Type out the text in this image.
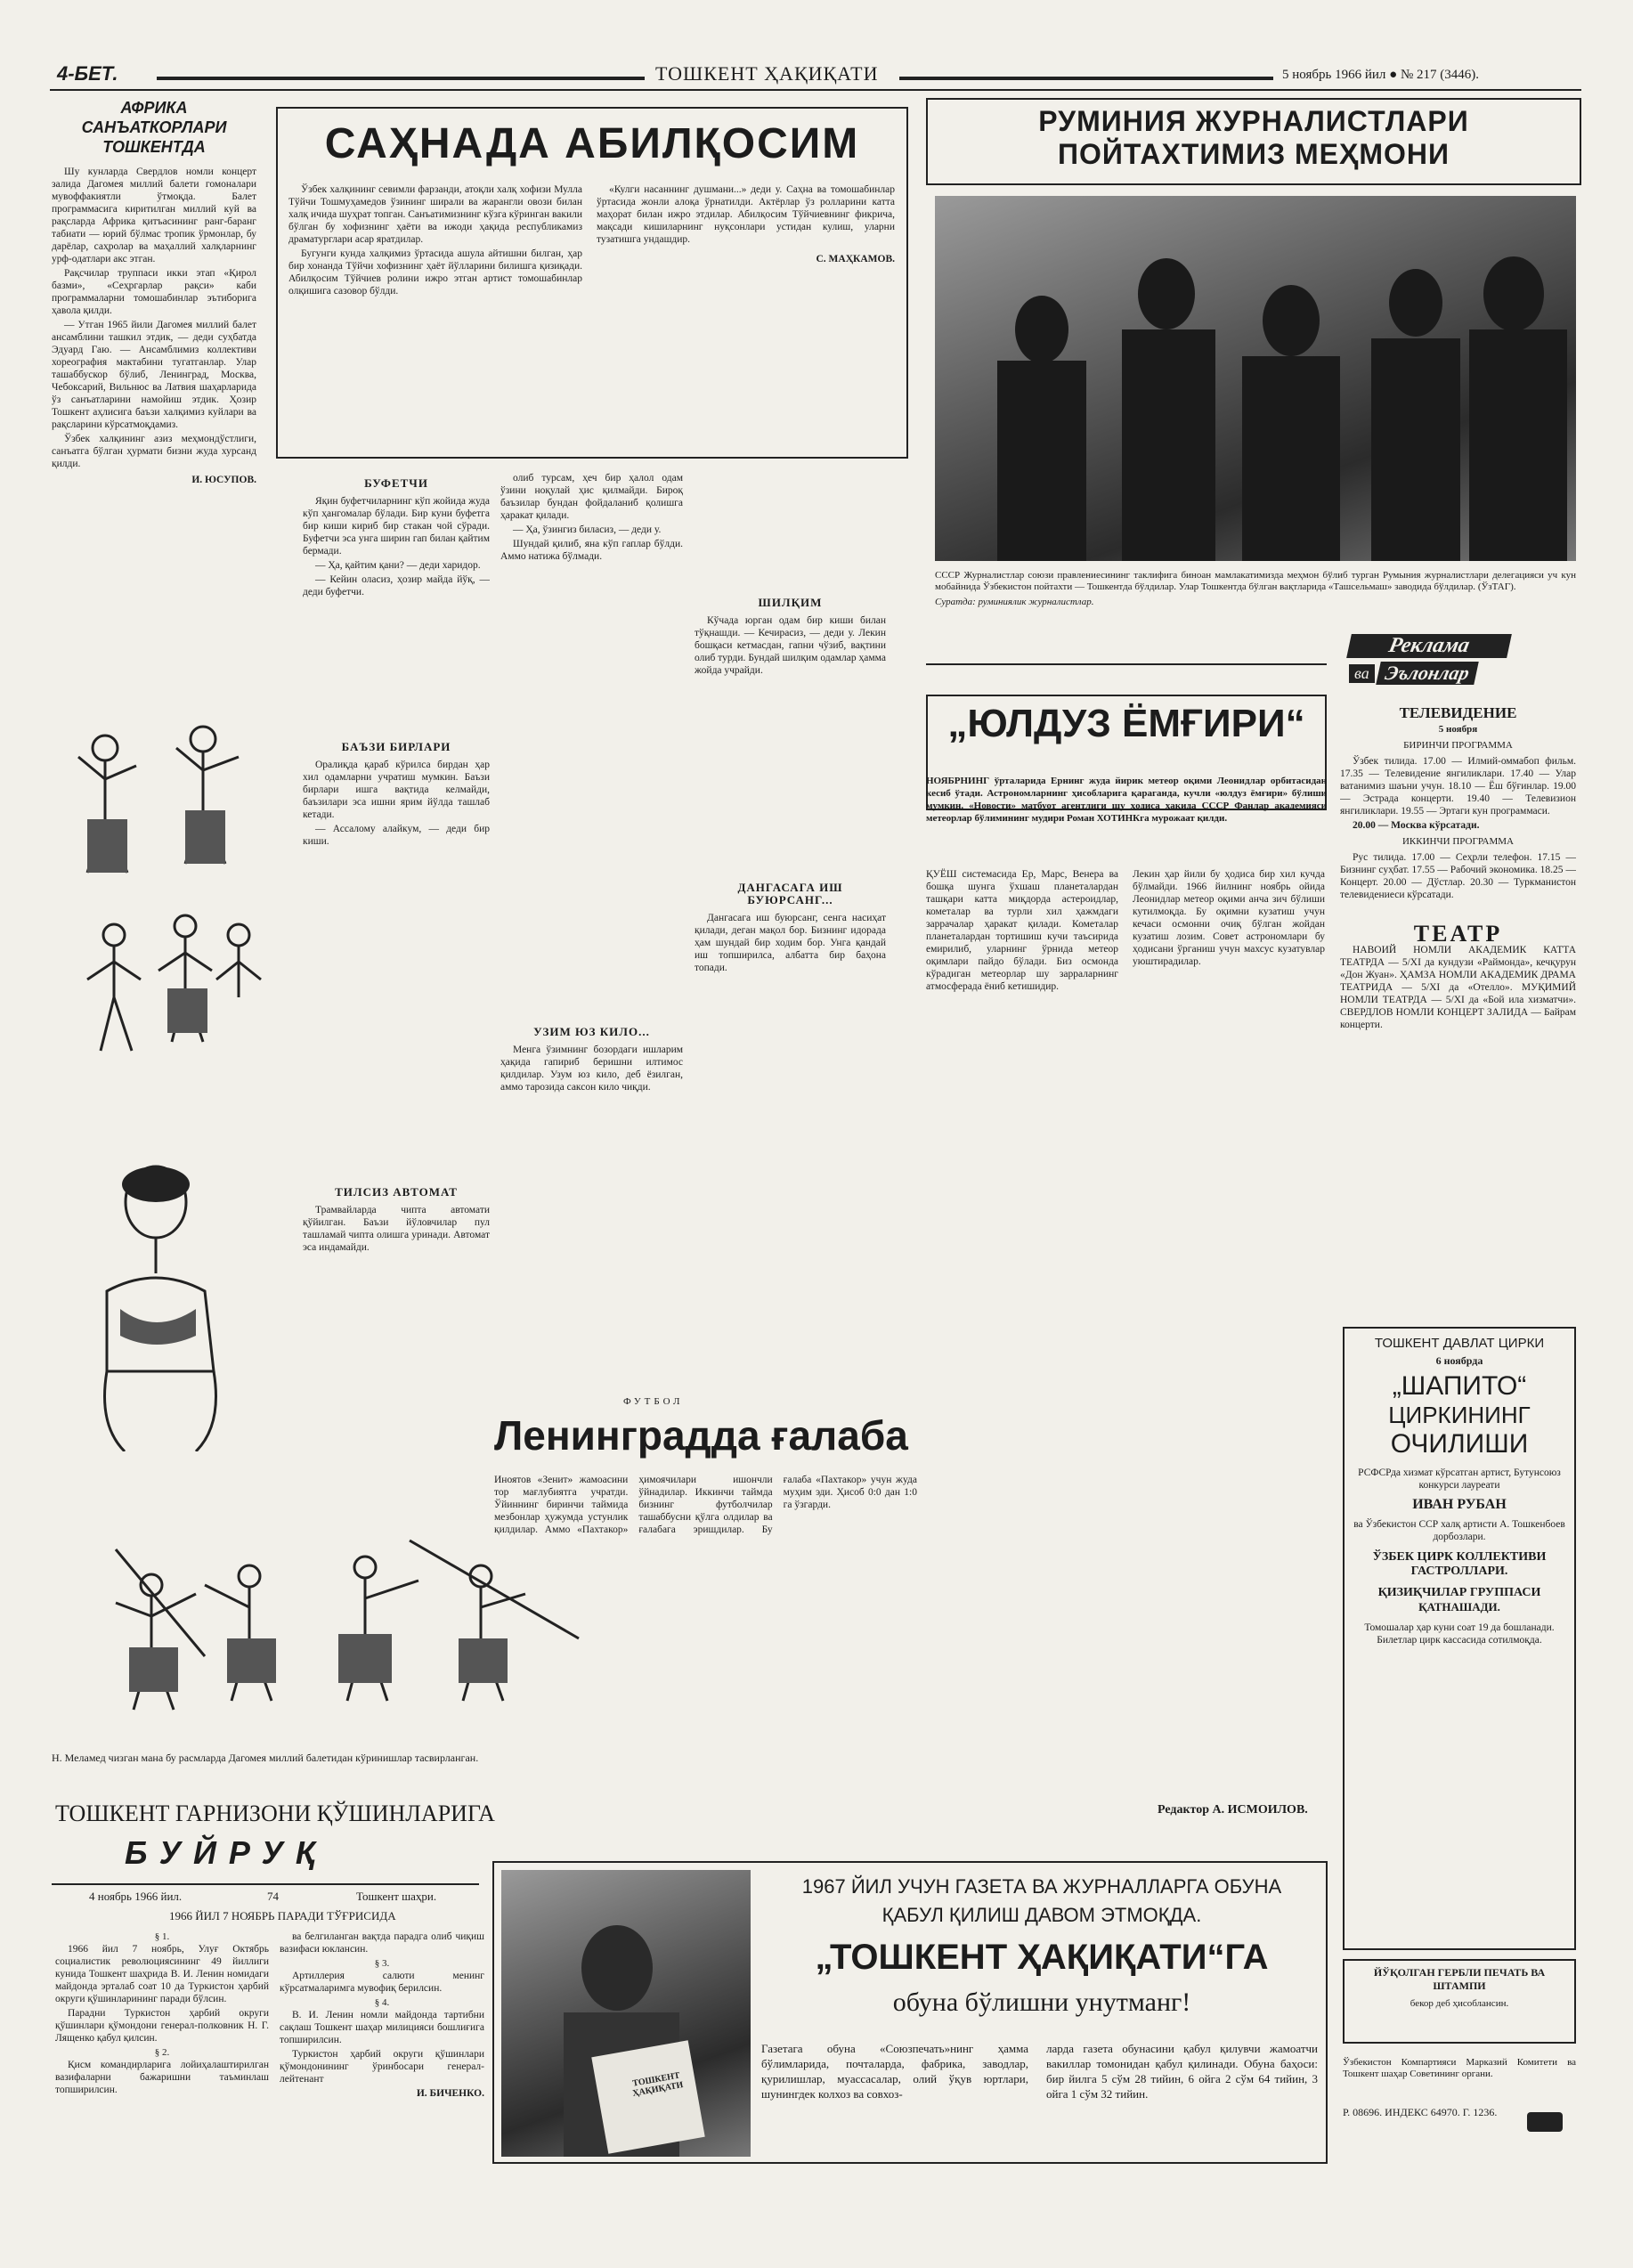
4-БЕТ.	ТОШКЕНТ ҲАҚИҚАТИ	5 ноябрь 1966 йил ● № 217 (3446).
АФРИКА САНЪАТКОРЛАРИ ТОШКЕНТДА

Шу кунларда Свердлов номли концерт залида Дагомея миллий балети гомоналари мувоффакиятли ўтмоқда. Балет программасига киритилган миллий куй ва рақсларда Африка қитъасининг ранг-баранг табиати — юрий бўлмас тропик ўрмонлар, бу дарёлар, саҳролар ва маҳаллий халқларнинг урф-одатлари акс этган.

Рақсчилар труппаси икки этап «Қирол базми», «Сеҳргарлар рақси» каби программаларни томошабинлар эътиборига ҳавола қилди.

— Утган 1965 йили Дагомея миллий балет ансамблини ташкил этдик, — деди суҳбатда Эдуард Гаю. — Ансамблимиз коллективи хореография мактабини тугатганлар. Улар ташаббускор бўлиб, Ленинград, Москва, Чебоксарий, Вильнюс ва Латвия шаҳарларида ўз санъатларини намойиш этдик. Ҳозир Тошкент аҳлисига баъзи халқимиз куйлари ва рақсларини кўрсатмоқдамиз.

Ўзбек халқининг азиз меҳмондўстлиги, санъатга бўлган ҳурмати бизни жуда хурсанд қилди.

И. ЮСУПОВ.
Н. Меламед чизган мана бу расмларда Дагомея миллий балетидан кўринишлар тасвирланган.
САҲНАДА АБИЛҚОСИМ

Ўзбек халқининг севимли фарзанди, атоқли халқ хофизи Мулла Тўйчи Тошмуҳамедов ўзининг ширали ва жарангли овози билан халқ ичида шуҳрат топган. Санъатимизнинг кўзга кўринган вакили бўлган бу хофизнинг ҳаёти ва ижоди ҳақида республикамиз драматурглари асар яратдилар.

Бугунги кунда халқимиз ўртасида ашула айтишни билган, ҳар бир хонанда Тўйчи хофизнинг ҳаёт йўлларини билишга қизиқади. Абилқосим Тўйчиев ролини ижро этган артист томошабинлар олқишига сазовор бўлди.

«Кулги насаннинг душмани...» деди у. Саҳна ва томошабинлар ўртасида жонли алоқа ўрнатилди. Актёрлар ўз ролларини катта маҳорат билан ижро этдилар. Абилқосим Тўйчиевнинг фикрича, мақсади кишиларнинг нуқсонлари устидан кулиш, уларни тузатишга ундашдир.

С. МАҲКАМОВ.
БУФЕТЧИ

Яқин буфетчиларнинг кўп жойида жуда кўп ҳангомалар бўлади. Бир куни буфетга бир киши кириб бир стакан чой сўради. Буфетчи эса унга ширин гап билан қайтим бермади.

— Ҳа, қайтим қани? — деди харидор.

— Кейин оласиз, ҳозир майда йўқ, — деди буфетчи.

БАЪЗИ БИРЛАРИ

Оралиқда қараб кўрилса бирдан ҳар хил одамларни учратиш мумкин. Баъзи бирлари ишга вақтида келмайди, баъзилари эса ишни ярим йўлда ташлаб кетади.

— Ассалому алайкум, — деди бир киши.

ТИЛСИЗ АВТОМАТ

Трамвайларда чипта автомати қўйилган. Баъзи йўловчилар пул ташламай чипта олишга уринади. Автомат эса индамайди.

олиб турсам, ҳеч бир ҳалол одам ўзини ноқулай ҳис қилмайди. Бироқ баъзилар бундан фойдаланиб қолишга ҳаракат қилади.

— Ҳа, ўзингиз биласиз, — деди у.

Шундай қилиб, яна кўп гаплар бўлди. Аммо натижа бўлмади.

УЗИМ ЮЗ КИЛО...

Менга ўзимнинг бозордаги ишларим ҳақида гапириб беришни илтимос қилдилар. Узум юз кило, деб ёзилган, аммо тарозида саксон кило чиқди.

ШИЛҚИМ

Кўчада юрган одам бир киши билан тўқнашди. — Кечирасиз, — деди у. Лекин бошқаси кетмасдан, гапни чўзиб, вақтини олиб турди. Бундай шилқим одамлар ҳамма жойда учрайди.

ДАНГАСАГА ИШ БУЮРСАНГ...

Дангасага иш буюрсанг, сенга насиҳат қилади, деган мақол бор. Бизнинг идорада ҳам шундай бир ходим бор. Унга қандай иш топширилса, албатта бир баҳона топади.

ФУТБОЛ
Ленинградда ғалаба
Иноятов «Зенит» жамоасини тор мағлубиятга учратди. Ўйиннинг биринчи таймида мезбонлар ҳужумда устунлик қилдилар. Аммо «Пахтакор» ҳимоячилари ишончли ўйнадилар. Иккинчи таймда бизнинг футболчилар ташаббусни қўлга олдилар ва ғалабага эришдилар. Бу ғалаба «Пахтакор» учун жуда муҳим эди. Ҳисоб 0:0 дан 1:0 га ўзгарди.
РУМИНИЯ ЖУРНАЛИСТЛАРИ
ПОЙТАХТИМИЗ МЕҲМОНИ
СССР Журналистлар союзи правлениесининг таклифига биноан мамлакатимизда меҳмон бўлиб турган Румыния журналистлари делегацияси уч кун мобайнида Ўзбекистон пойтахти — Тошкентда бўлдилар. Улар Тошкентда бўлган вақтларида «Ташсельмаш» заводида бўлдилар. (ЎзТАГ).
Суратда: руминиялик журналистлар.
„ЮЛДУЗ ЁМҒИРИ“
НОЯБРНИНГ ўрталарида Ернинг жуда йирик метеор оқими Леонидлар орбитасидан кесиб ўтади. Астрономларнинг ҳисобларига қараганда, кучли «юлдуз ёмғири» бўлиши мумкин. «Новости» матбуот агентлиги шу ҳодиса ҳақида СССР Фанлар академияси метеорлар бўлимининг мудири Роман ХОТИНКга мурожаат қилди.
ҚУЁШ системасида Ер, Марс, Венера ва бошқа шунга ўхшаш планеталардан ташқари катта миқдорда астероидлар, кометалар ва турли хил ҳажмдаги заррачалар ҳаракат қилади. Кометалар планеталардан тортишиш кучи таъсирида емирилиб, уларнинг ўрнида метеор оқимлари пайдо бўлади. Биз осмонда кўрадиган метеорлар шу зарраларнинг атмосферада ёниб кетишидир.
Лекин ҳар йили бу ҳодиса бир хил кучда бўлмайди. 1966 йилнинг ноябрь ойида Леонидлар метеор оқими анча зич бўлиши кутилмоқда. Бу оқимни кузатиш учун кечаси осмонни очиқ бўлган жойдан кузатиш лозим. Совет астрономлари бу ҳодисани ўрганиш учун махсус кузатувлар уюштирадилар.
Редактор А. ИСМОИЛОВ.
Реклама
ва Эълонлар
ТЕЛЕВИДЕНИЕ
5 ноября
БИРИНЧИ ПРОГРАММА

Ўзбек тилида. 17.00 — Илмий-оммабоп фильм. 17.35 — Телевидение янгиликлари. 17.40 — Улар ватанимиз шаъни учун. 18.10 — Ёш бўғинлар. 19.00 — Эстрада концерти. 19.40 — Телевизион янгиликлари. 19.55 — Эртаги кун программаси.

20.00 — Москва кўрсатади.

ИККИНЧИ ПРОГРАММА

Рус тилида. 17.00 — Сеҳрли телефон. 17.15 — Бизнинг суҳбат. 17.55 — Рабочий экономика. 18.25 — Концерт. 20.00 — Дўстлар. 20.30 — Туркманистон телевидениеси кўрсатади.

ТЕАТР

НАВОИЙ НОМЛИ АКАДЕМИК КАТТА ТЕАТРДА — 5/XI да кундузи «Раймонда», кечқурун «Дон Жуан». ҲАМЗА НОМЛИ АКАДЕМИК ДРАМА ТЕАТРИДА — 5/XI да «Отелло». МУҚИМИЙ НОМЛИ ТЕАТРДА — 5/XI да «Бой ила хизматчи». СВЕРДЛОВ НОМЛИ КОНЦЕРТ ЗАЛИДА — Байрам концерти.

ТОШКЕНТ ДАВЛАТ ЦИРКИ
6 ноябрда
„ШАПИТО“
ЦИРКИНИНГ
ОЧИЛИШИ
РСФСРда хизмат кўрсатган артист, Бутунсоюз конкурси лауреати
ИВАН РУБАН
ва Ўзбекистон ССР халқ артисти А. Тошкенбоев дорбозлари.
ЎЗБЕК ЦИРК КОЛЛЕКТИВИ ГАСТРОЛЛАРИ.
ҚИЗИҚЧИЛАР ГРУППАСИ
ҚАТНАШАДИ.
Томошалар ҳар куни соат 19 да бошланади. Билетлар цирк кассасида сотилмоқда.
ЙЎҚОЛГАН ГЕРБЛИ ПЕЧАТЬ ВА ШТАМПИ
бекор деб ҳисоблансин.
Ўзбекистон Компартияси Марказий Комитети ва Тошкент шаҳар Советининг органи.
Р. 08696. ИНДЕКС 64970. Г. 1236.
ТОШКЕНТ ГАРНИЗОНИ ҚЎШИНЛАРИГА
БУЙРУҚ
4 ноябрь 1966 йил.	74	Тошкент шаҳри.
1966 ЙИЛ 7 НОЯБРЬ ПАРАДИ ТЎҒРИСИДА
§ 1.

1966 йил 7 ноябрь, Улуғ Октябрь социалистик революциясининг 49 йиллиги кунида Тошкент шаҳрида В. И. Ленин номидаги майдонда эрталаб соат 10 да Туркистон ҳарбий округи қўшинларининг паради бўлсин.

Парадни Туркистон ҳарбий округи қўшинлари қўмондони генерал-полковник Н. Г. Лященко қабул қилсин.

§ 2.

Қисм командирларига лойиҳалаштирилган вазифаларни бажаришни таъминлаш топширилсин.

ва белгиланган вақтда парадга олиб чиқиш вазифаси юклансин.

§ 3.

Артиллерия салюти менинг кўрсатмаларимга мувофиқ берилсин.

§ 4.

В. И. Ленин номли майдонда тартибни сақлаш Тошкент шаҳар милицияси бошлиғига топширилсин.

Туркистон ҳарбий округи қўшинлари қўмондонининг ўринбосари генерал-лейтенант

И. БИЧЕНКО.
ТОШКЕНТ ҲАҚИҚАТИ
1967 ЙИЛ УЧУН ГАЗЕТА ВА ЖУРНАЛЛАРГА ОБУНА
ҚАБУЛ ҚИЛИШ ДАВОМ ЭТМОҚДА.
„ТОШКЕНТ ҲАҚИҚАТИ“ГА
обуна бўлишни унутманг!
Газетага обуна «Союзпечать»нинг ҳамма бўлимларида, почталарда, фабрика, заводлар, қурилишлар, муассасалар, олий ўқув юртлари, шунингдек колхоз ва совхоз-
ларда газета обунасини қабул қилувчи жамоатчи вакиллар томонидан қабул қилинади. Обуна баҳоси: бир йилга 5 сўм 28 тийин, 6 ойга 2 сўм 64 тийин, 3 ойга 1 сўм 32 тийин.
